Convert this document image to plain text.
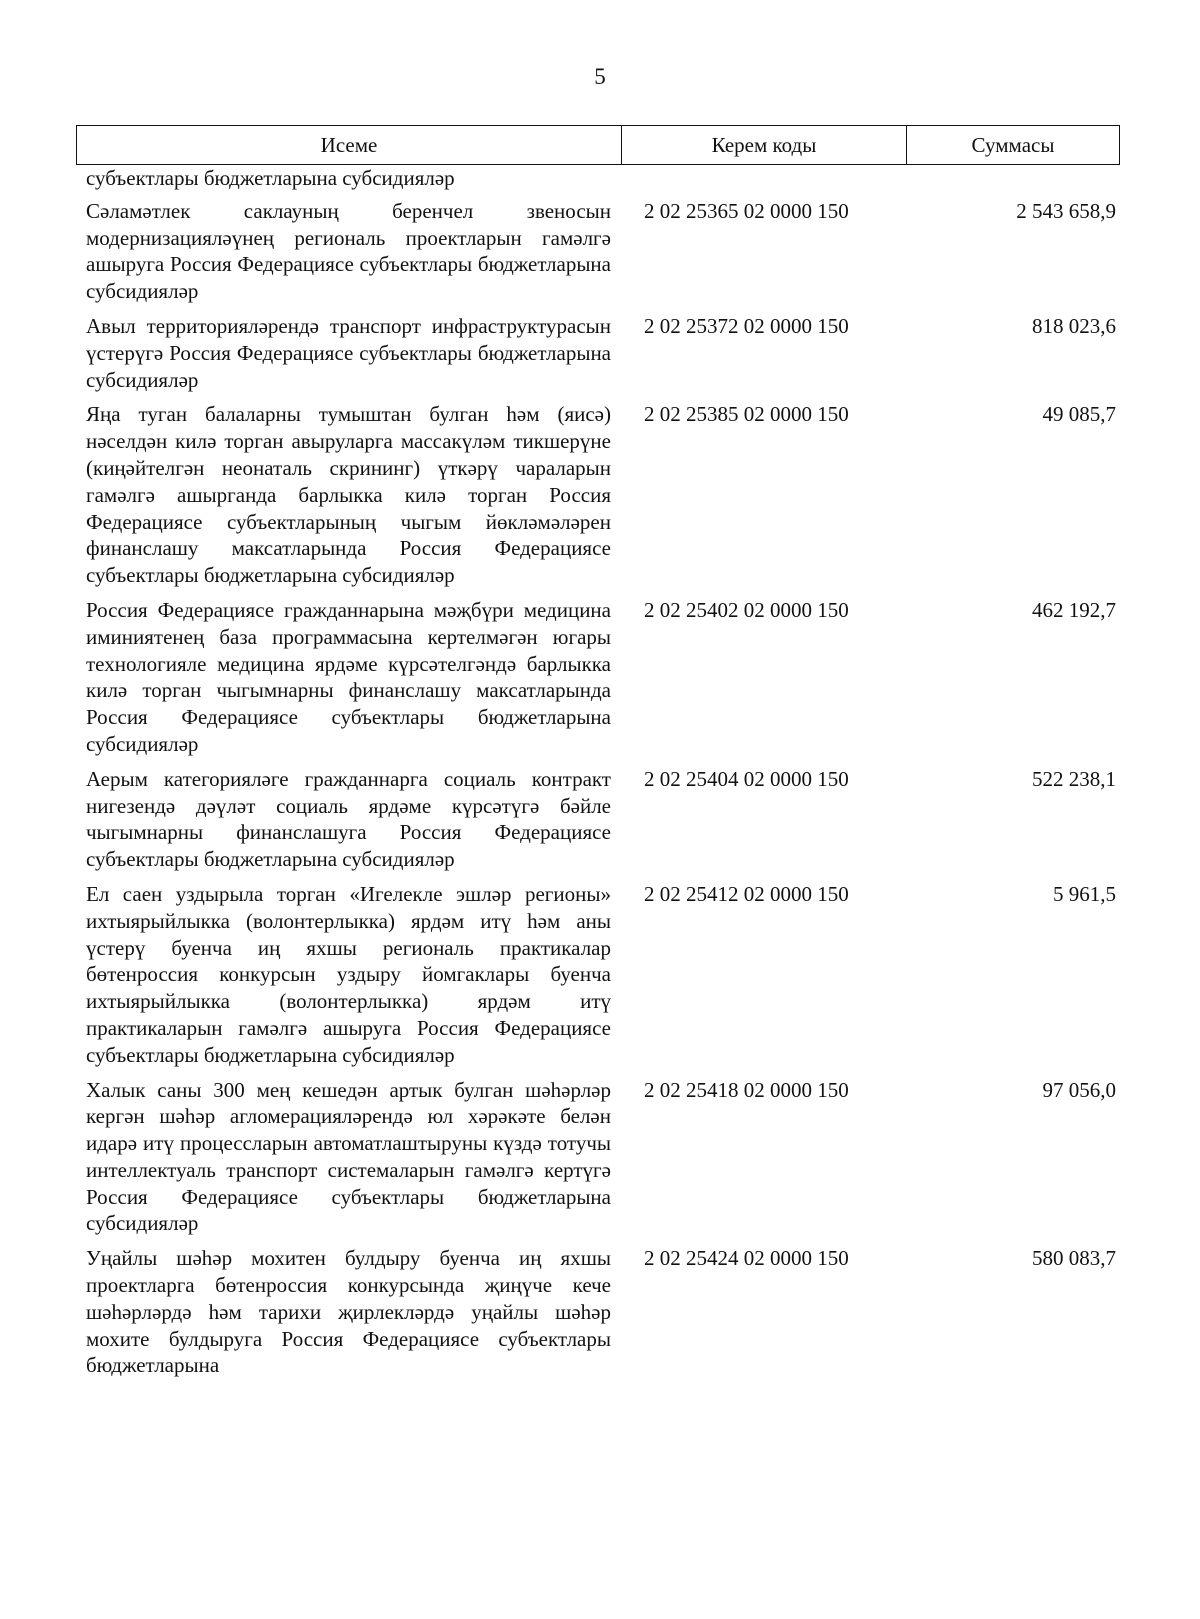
5
Исеме	Керем коды	Суммасы
субъектлары бюджетларына субсидияләр
Сәламәтлек саклауның беренчел звеносын модернизацияләүнең региональ проектларын гамәлгә ашыруга Россия Федерациясе субъектлары бюджетларына субсидияләр
2 02 25365 02 0000 150	2 543 658,9
Авыл территорияләрендә транспорт инфраструктурасын үстерүгә Россия Федерациясе субъектлары бюджетларына субсидияләр
2 02 25372 02 0000 150	818 023,6
Яңа туган балаларны тумыштан булган һәм (яисә) нәселдән килә торган авыруларга массакүләм тикшерүне (киңәйтелгән неонаталь скрининг) үткәрү чараларын гамәлгә ашырганда барлыкка килә торган Россия Федерациясе субъектларының чыгым йөкләмәләрен финанслашу максатларында Россия Федерациясе субъектлары бюджетларына субсидияләр
2 02 25385 02 0000 150	49 085,7
Россия Федерациясе гражданнарына мәҗбүри медицина иминиятенең база программасына кертелмәгән югары технологияле медицина ярдәме күрсәтелгәндә барлыкка килә торган чыгымнарны финанслашу максатларында Россия Федерациясе субъектлары бюджетларына субсидияләр
2 02 25402 02 0000 150	462 192,7
Аерым категорияләге гражданнарга социаль контракт нигезендә дәүләт социаль ярдәме күрсәтүгә бәйле чыгымнарны финанслашуга Россия Федерациясе субъектлары бюджетларына субсидияләр
2 02 25404 02 0000 150	522 238,1
Ел саен уздырыла торган «Игелекле эшләр регионы» ихтыярыйлыкка (волонтерлыкка) ярдәм итү һәм аны үстерү буенча иң яхшы региональ практикалар бөтенроссия конкурсын уздыру йомгаклары буенча ихтыярыйлыкка (волонтерлыкка) ярдәм итү практикаларын гамәлгә ашыруга Россия Федерациясе субъектлары бюджетларына субсидияләр
2 02 25412 02 0000 150	5 961,5
Халык саны 300 мең кешедән артык булган шәһәрләр кергән шәһәр агломерацияләрендә юл хәрәкәте белән идарә итү процессларын автоматлаштыруны күздә тотучы интеллектуаль транспорт системаларын гамәлгә кертүгә Россия Федерациясе субъектлары бюджетларына субсидияләр
2 02 25418 02 0000 150	97 056,0
Уңайлы шәһәр мохитен булдыру буенча иң яхшы проектларга бөтенроссия конкурсында җиңүче кече шәһәрләрдә һәм тарихи җирлекләрдә уңайлы шәһәр мохите булдыруга Россия Федерациясе субъектлары бюджетларына
2 02 25424 02 0000 150	580 083,7
